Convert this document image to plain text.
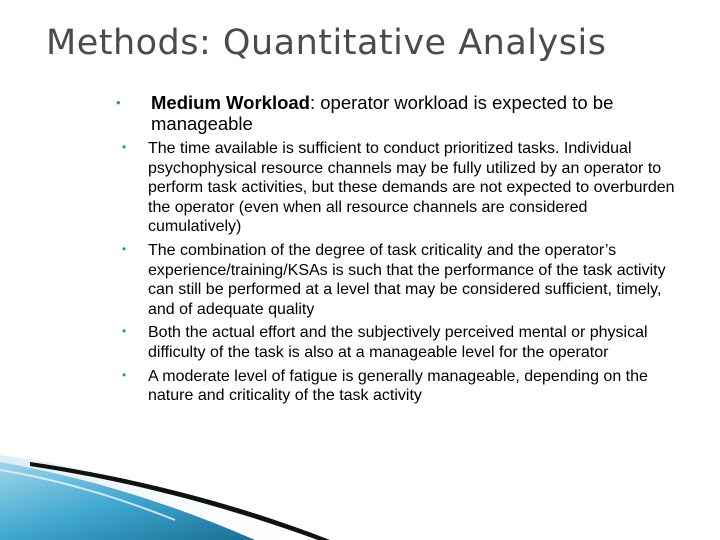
Methods: Quantitative Analysis
• Medium Workload: operator workload is expected to be manageable
• The time available is sufficient to conduct prioritized tasks. Individual psychophysical resource channels may be fully utilized by an operator to perform task activities, but these demands are not expected to overburden the operator (even when all resource channels are considered cumulatively)
• The combination of the degree of task criticality and the operator’s experience/training/KSAs is such that the performance of the task activity can still be performed at a level that may be considered sufficient, timely, and of adequate quality
• Both the actual effort and the subjectively perceived mental or physical difficulty of the task is also at a manageable level for the operator
• A moderate level of fatigue is generally manageable, depending on the nature and criticality of the task activity
